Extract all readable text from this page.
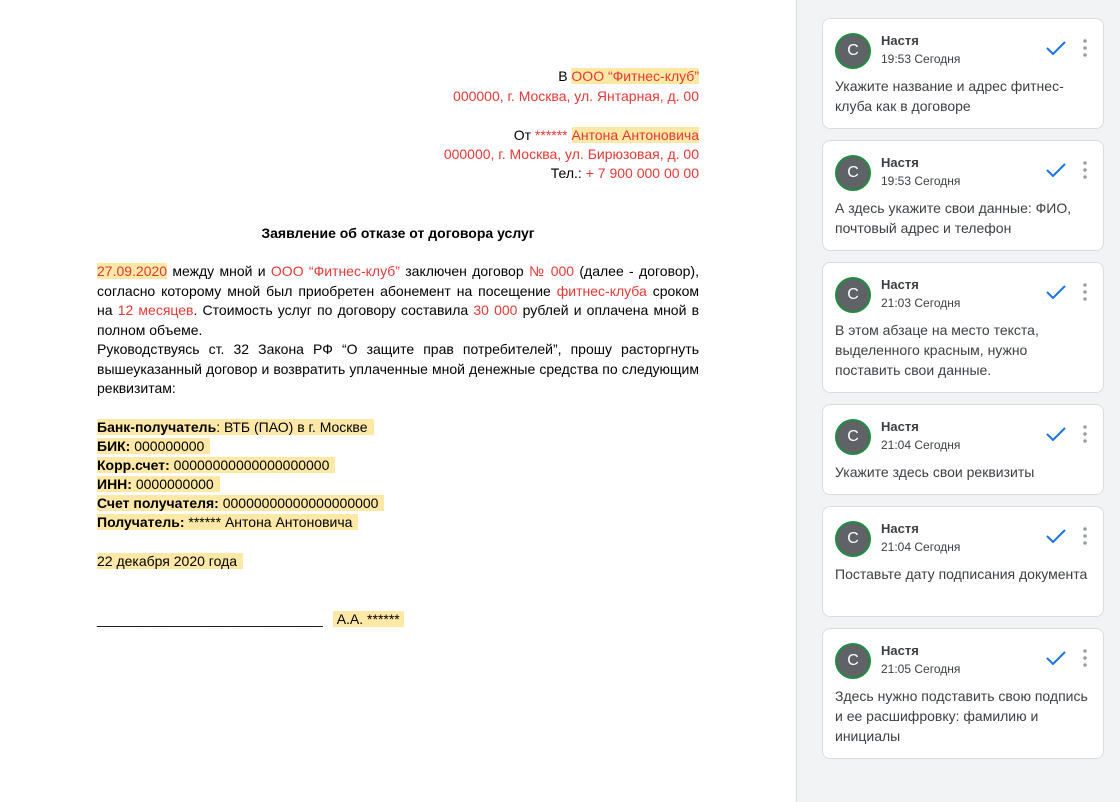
В ООО “Фитнес-клуб”
000000, г. Москва, ул. Янтарная, д. 00
От ****** Антона Антоновича
000000, г. Москва, ул. Бирюзовая, д. 00
Тел.: + 7 900 000 00 00
Заявление об отказе от договора услуг
27.09.2020 между мной и ООО “Фитнес-клуб” заключен договор № 000 (далее - договор), согласно которому мной был приобретен абонемент на посещение фитнес-клуба сроком на 12 месяцев. Стоимость услуг по договору составила 30 000 рублей и оплачена мной в полном объеме.
Руководствуясь ст. 32 Закона РФ “О защите прав потребителей”, прошу расторгнуть вышеуказанный договор и возвратить уплаченные мной денежные средства по следующим реквизитам:
Банк-получатель: ВТБ (ПАО) в г. Москве
БИК: 000000000
Корр.счет: 00000000000000000000
ИНН: 0000000000
Счет получателя: 00000000000000000000
Получатель: ****** Антона Антоновича
22 декабря 2020 года
_____________________________ А.А. ******
С
Настя
19:53 Сегодня
Укажите название и адрес фитнес-клуба как в договоре
С
Настя
19:53 Сегодня
А здесь укажите свои данные: ФИО, почтовый адрес и телефон
С
Настя
21:03 Сегодня
В этом абзаце на место текста, выделенного красным, нужно поставить свои данные.
С
Настя
21:04 Сегодня
Укажите здесь свои реквизиты
С
Настя
21:04 Сегодня
Поставьте дату подписания документа
С
Настя
21:05 Сегодня
Здесь нужно подставить свою подпись и ее расшифровку: фамилию и инициалы
